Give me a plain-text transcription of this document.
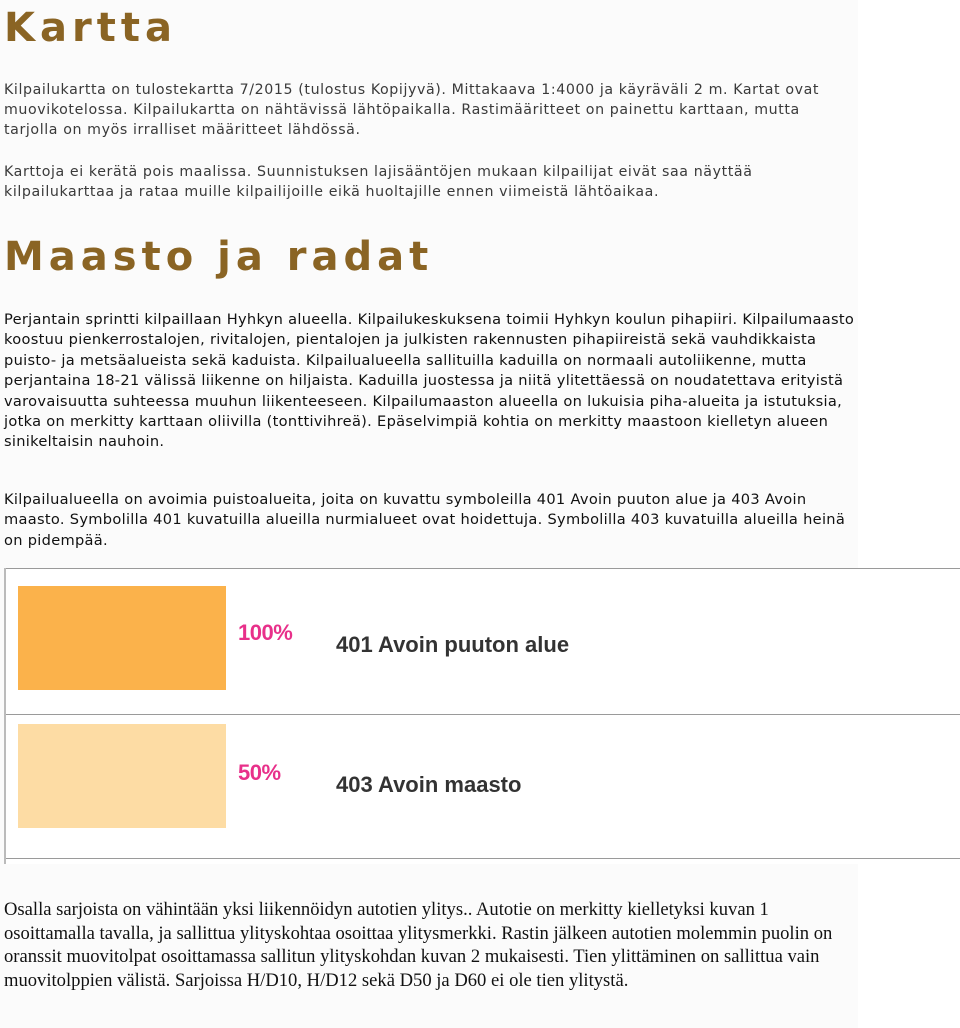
Kartta

Kilpailukartta on tulostekartta 7/2015 (tulostus Kopijyvä). Mittakaava 1:4000 ja käyräväli 2 m. Kartat ovat muovikotelossa. Kilpailukartta on nähtävissä lähtöpaikalla. Rastimääritteet on painettu karttaan, mutta tarjolla on myös irralliset määritteet lähdössä.

Karttoja ei kerätä pois maalissa. Suunnistuksen lajisääntöjen mukaan kilpailijat eivät saa näyttää kilpailukarttaa ja rataa muille kilpailijoille eikä huoltajille ennen viimeistä lähtöaikaa.

Maasto ja radat

Perjantain sprintti kilpaillaan Hyhkyn alueella. Kilpailukeskuksena toimii Hyhkyn koulun pihapiiri. Kilpailumaasto koostuu pienkerrostalojen, rivitalojen, pientalojen ja julkisten rakennusten pihapiireistä sekä vauhdikkaista puisto- ja metsäalueista sekä kaduista. Kilpailualueella sallituilla kaduilla on normaali autoliikenne, mutta perjantaina 18-21 välissä liikenne on hiljaista. Kaduilla juostessa ja niitä ylitettäessä on noudatettava erityistä varovaisuutta suhteessa muuhun liikenteeseen. Kilpailumaaston alueella on lukuisia piha-alueita ja istutuksia, jotka on merkitty karttaan oliivilla (tonttivihreä). Epäselvimpiä kohtia on merkitty maastoon kielletyn alueen sinikeltaisin nauhoin.

Kilpailualueella on avoimia puistoalueita, joita on kuvattu symboleilla 401 Avoin puuton alue ja 403 Avoin maasto. Symbolilla 401 kuvatuilla alueilla nurmialueet ovat hoidettuja. Symbolilla 403 kuvatuilla alueilla heinä on pidempää.

100% 401 Avoin puuton alue
50%	403 Avoin maasto

Osalla sarjoista on vähintään yksi liikennöidyn autotien ylitys.. Autotie on merkitty kielletyksi kuvan 1 osoittamalla tavalla, ja sallittua ylityskohtaa osoittaa ylitysmerkki. Rastin jälkeen autotien molemmin puolin on oranssit muovitolpat osoittamassa sallitun ylityskohdan kuvan 2 mukaisesti. Tien ylittäminen on sallittua vain muovitolppien välistä. Sarjoissa H/D10, H/D12 sekä D50 ja D60 ei ole tien ylitystä.
